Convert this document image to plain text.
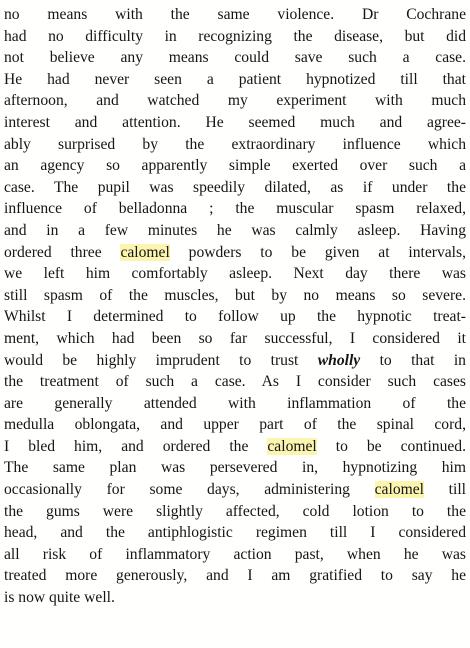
no means with the same violence. Dr Cochrane
had no difficulty in recognizing the disease, but did
not believe any means could save such a case.
He had never seen a patient hypnotized till that
afternoon, and watched my experiment with much
interest and attention. He seemed much and agree-
ably surprised by the extraordinary influence which
an agency so apparently simple exerted over such a
case. The pupil was speedily dilated, as if under the
influence of belladonna ; the muscular spasm relaxed,
and in a few minutes he was calmly asleep. Having
ordered three calomel powders to be given at intervals,
we left him comfortably asleep. Next day there was
still spasm of the muscles, but by no means so severe.
Whilst I determined to follow up the hypnotic treat-
ment, which had been so far successful, I considered it
would be highly imprudent to trust wholly to that in
the treatment of such a case. As I consider such cases
are generally attended with inflammation of the
medulla oblongata, and upper part of the spinal cord,
I bled him, and ordered the calomel to be continued.
The same plan was persevered in, hypnotizing him
occasionally for some days, administering calomel till
the gums were slightly affected, cold lotion to the
head, and the antiphlogistic regimen till I considered
all risk of inflammatory action past, when he was
treated more generously, and I am gratified to say he
is now quite well.
